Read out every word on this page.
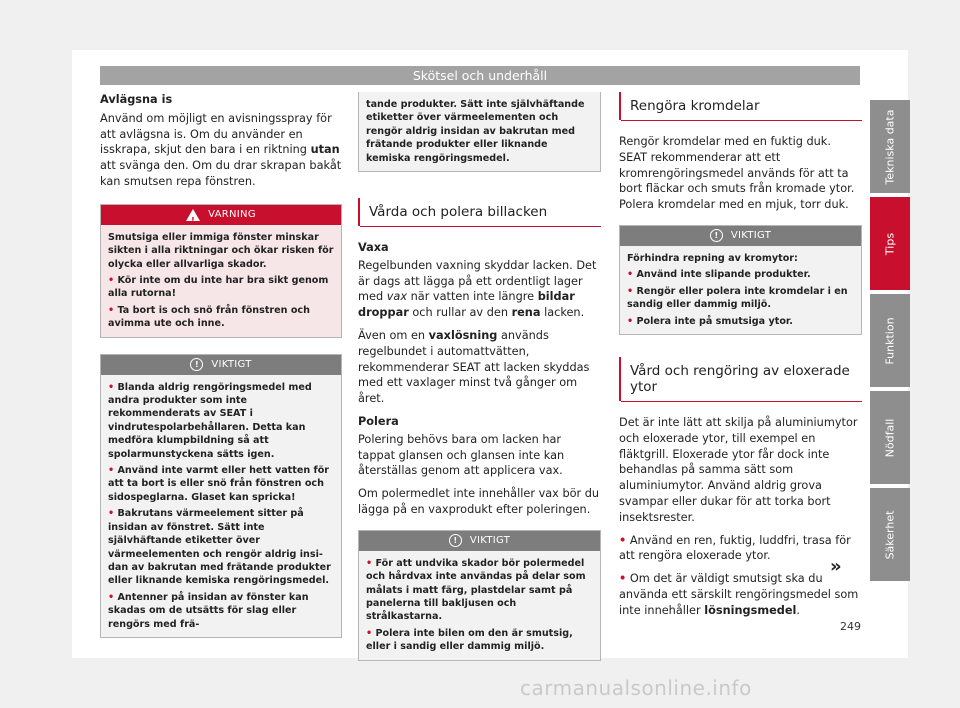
Skötsel och underhåll

Avlägsna is

Använd om möjligt en avisningsspray för att avlägsna is. Om du använder en isskrapa, skjut den bara i en riktning utan att svänga den. Om du drar skrapan bakåt kan smutsen repa fönstren.

!
VARNING
Smutsiga eller immiga fönster minskar sikten i alla riktningar och ökar risken för olycka eller allvarliga skador.
• Kör inte om du inte har bra sikt genom alla rutorna!
• Ta bort is och snö från fönstren och avimma ute och inne.
!	VIKTIGT
• Blanda aldrig rengöringsmedel med andra produkter som inte rekommenderats av SEAT i vindrutespolarbehållaren. Detta kan medföra klumpbildning så att spolarmunstyckena sätts igen.
• Använd inte varmt eller hett vatten för att ta bort is eller snö från fönstren och sidospeglarna. Glaset kan spricka!
• Bakrutans värmeelement sitter på insidan av fönstret. Sätt inte självhäftande etiketter över värmeelementen och rengör aldrig insidan av bakrutan med frätande produkter eller liknande kemiska rengöringsmedel.
• Antenner på insidan av fönster kan skadas om de utsätts för slag eller rengörs med frä-
tande produkter. Sätt inte självhäftande etiketter över värmeelementen och rengör aldrig insidan av bakrutan med frätande produkter eller liknande kemiska rengöringsmedel.
Vårda och polera billacken

Vaxa

Regelbunden vaxning skyddar lacken. Det är dags att lägga på ett ordentligt lager med vax när vatten inte längre bildar droppar och rullar av den rena lacken.

Även om en vaxlösning används regelbundet i automattvätten, rekommenderar SEAT att lacken skyddas med ett vaxlager minst två gånger om året.

Polera

Polering behövs bara om lacken har tappat glansen och glansen inte kan återställas genom att applicera vax.

Om polermedlet inte innehåller vax bör du lägga på en vaxprodukt efter poleringen.

!	VIKTIGT
• För att undvika skador bör polermedel och hårdvax inte användas på delar som målats i matt färg, plastdelar samt på panelerna till bakljusen och strålkastarna.
• Polera inte bilen om den är smutsig, eller i sandig eller dammig miljö.
Rengöra kromdelar

Rengör kromdelar med en fuktig duk. SEAT rekommenderar att ett kromrengöringsmedel används för att ta bort fläckar och smuts från kromade ytor. Polera kromdelar med en mjuk, torr duk.

!	VIKTIGT
Förhindra repning av kromytor:
• Använd inte slipande produkter.
• Rengör eller polera inte kromdelar i en sandig eller dammig miljö.
• Polera inte på smutsiga ytor.
Vård och rengöring av eloxerade ytor

Det är inte lätt att skilja på aluminiumytor och eloxerade ytor, till exempel en fläktgrill. Eloxerade ytor får dock inte behandlas på samma sätt som aluminiumytor. Använd aldrig grova svampar eller dukar för att torka bort insektsrester.

• Använd en ren, fuktig, luddfri, trasa för att rengöra eloxerade ytor.

• Om det är väldigt smutsigt ska du använda ett särskilt rengöringsmedel som inte innehåller lösningsmedel.

»
Tekniska data
Tips
Funktion
Nödfall
Säkerhet
249
carmanualsonline.info
